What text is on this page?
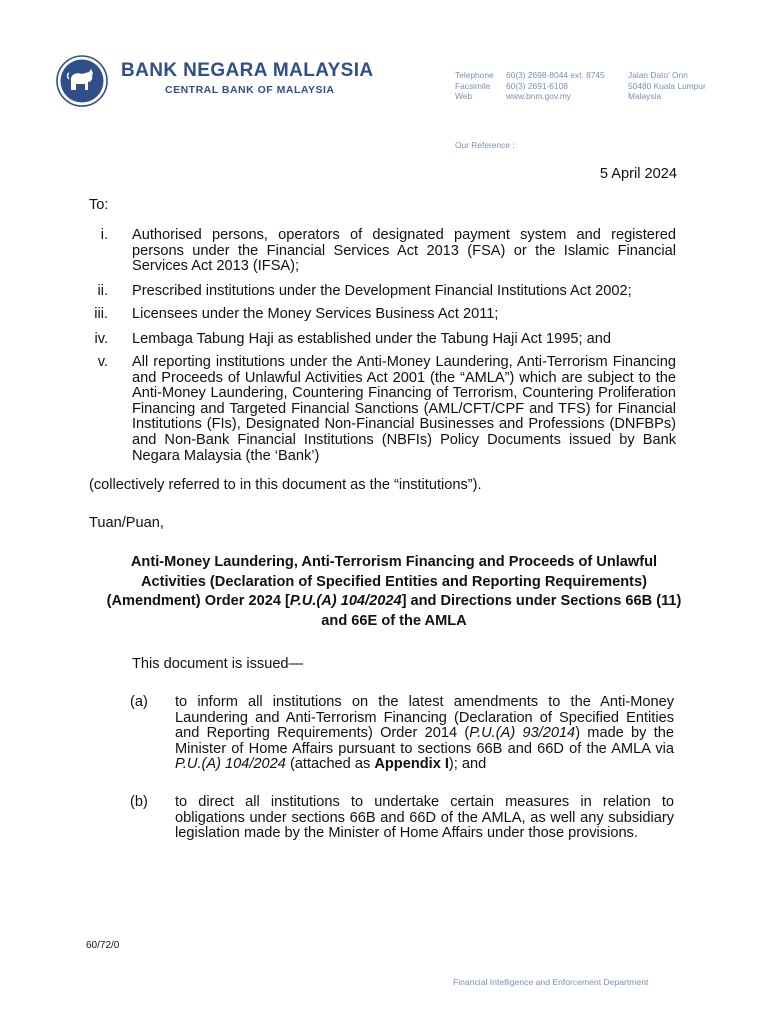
BANK NEGARA MALAYSIA
CENTRAL BANK OF MALAYSIA
Telephone
Facsimile
Web
60(3) 2698-8044 ext. 8745
60(3) 2691-6108
www.bnm.gov.my
Jalan Dato' Onn
50480 Kuala Lumpur
Malaysia
Our Reference :
5 April 2024
To:
i. Authorised persons, operators of designated payment system and registered persons under the Financial Services Act 2013 (FSA) or the Islamic Financial Services Act 2013 (IFSA);
ii. Prescribed institutions under the Development Financial Institutions Act 2002;
iii. Licensees under the Money Services Business Act 2011;
iv. Lembaga Tabung Haji as established under the Tabung Haji Act 1995; and
v. All reporting institutions under the Anti-Money Laundering, Anti-Terrorism Financing and Proceeds of Unlawful Activities Act 2001 (the “AMLA”) which are subject to the Anti-Money Laundering, Countering Financing of Terrorism, Countering Proliferation Financing and Targeted Financial Sanctions (AML/CFT/CPF and TFS) for Financial Institutions (FIs), Designated Non-Financial Businesses and Professions (DNFBPs) and Non-Bank Financial Institutions (NBFIs) Policy Documents issued by Bank Negara Malaysia (the ‘Bank’)
(collectively referred to in this document as the “institutions”).
Tuan/Puan,
Anti-Money Laundering, Anti-Terrorism Financing and Proceeds of Unlawful Activities (Declaration of Specified Entities and Reporting Requirements) (Amendment) Order 2024 [P.U.(A) 104/2024] and Directions under Sections 66B (11) and 66E of the AMLA
This document is issued—
(a) to inform all institutions on the latest amendments to the Anti-Money Laundering and Anti-Terrorism Financing (Declaration of Specified Entities and Reporting Requirements) Order 2014 (P.U.(A) 93/2014) made by the Minister of Home Affairs pursuant to sections 66B and 66D of the AMLA via P.U.(A) 104/2024 (attached as Appendix I); and
(b) to direct all institutions to undertake certain measures in relation to obligations under sections 66B and 66D of the AMLA, as well any subsidiary legislation made by the Minister of Home Affairs under those provisions.
60/72/0
Financial Intelligence and Enforcement Department
